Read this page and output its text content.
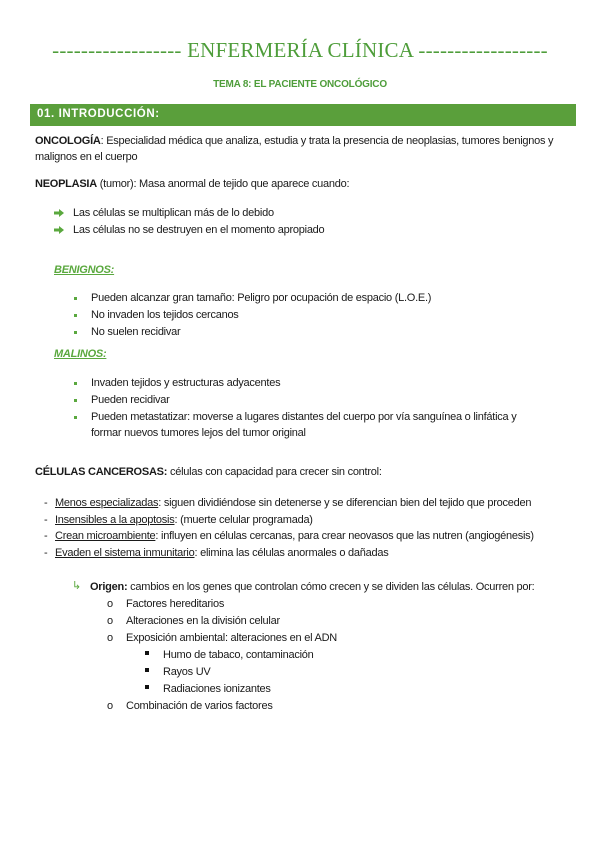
------------------ ENFERMERÍA CLÍNICA ------------------
TEMA 8: EL PACIENTE ONCOLÓGICO
01. INTRODUCCIÓN:
ONCOLOGÍA: Especialidad médica que analiza, estudia y trata la presencia de neoplasias, tumores benignos y
malignos en el cuerpo
NEOPLASIA (tumor): Masa anormal de tejido que aparece cuando:
Las células se multiplican más de lo debido
Las células no se destruyen en el momento apropiado
BENIGNOS:
Pueden alcanzar gran tamaño: Peligro por ocupación de espacio (L.O.E.)
No invaden los tejidos cercanos
No suelen recidivar
MALINOS:
Invaden tejidos y estructuras adyacentes
Pueden recidivar
Pueden metastatizar: moverse a lugares distantes del cuerpo por vía sanguínea o linfática y
formar nuevos tumores lejos del tumor original
CÉLULAS CANCEROSAS: células con capacidad para crecer sin control:
- Menos especializadas: siguen dividiéndose sin detenerse y se diferencian bien del tejido que proceden
- Insensibles a la apoptosis: (muerte celular programada)
- Crean microambiente: influyen en células cercanas, para crear neovasos que las nutren (angiogénesis)
- Evaden el sistema inmunitario: elimina las células anormales o dañadas
↳ Origen: cambios en los genes que controlan cómo crecen y se dividen las células. Ocurren por:
o Factores hereditarios
o Alteraciones en la división celular
o Exposición ambiental: alteraciones en el ADN
Humo de tabaco, contaminación
Rayos UV
Radiaciones ionizantes
o Combinación de varios factores
